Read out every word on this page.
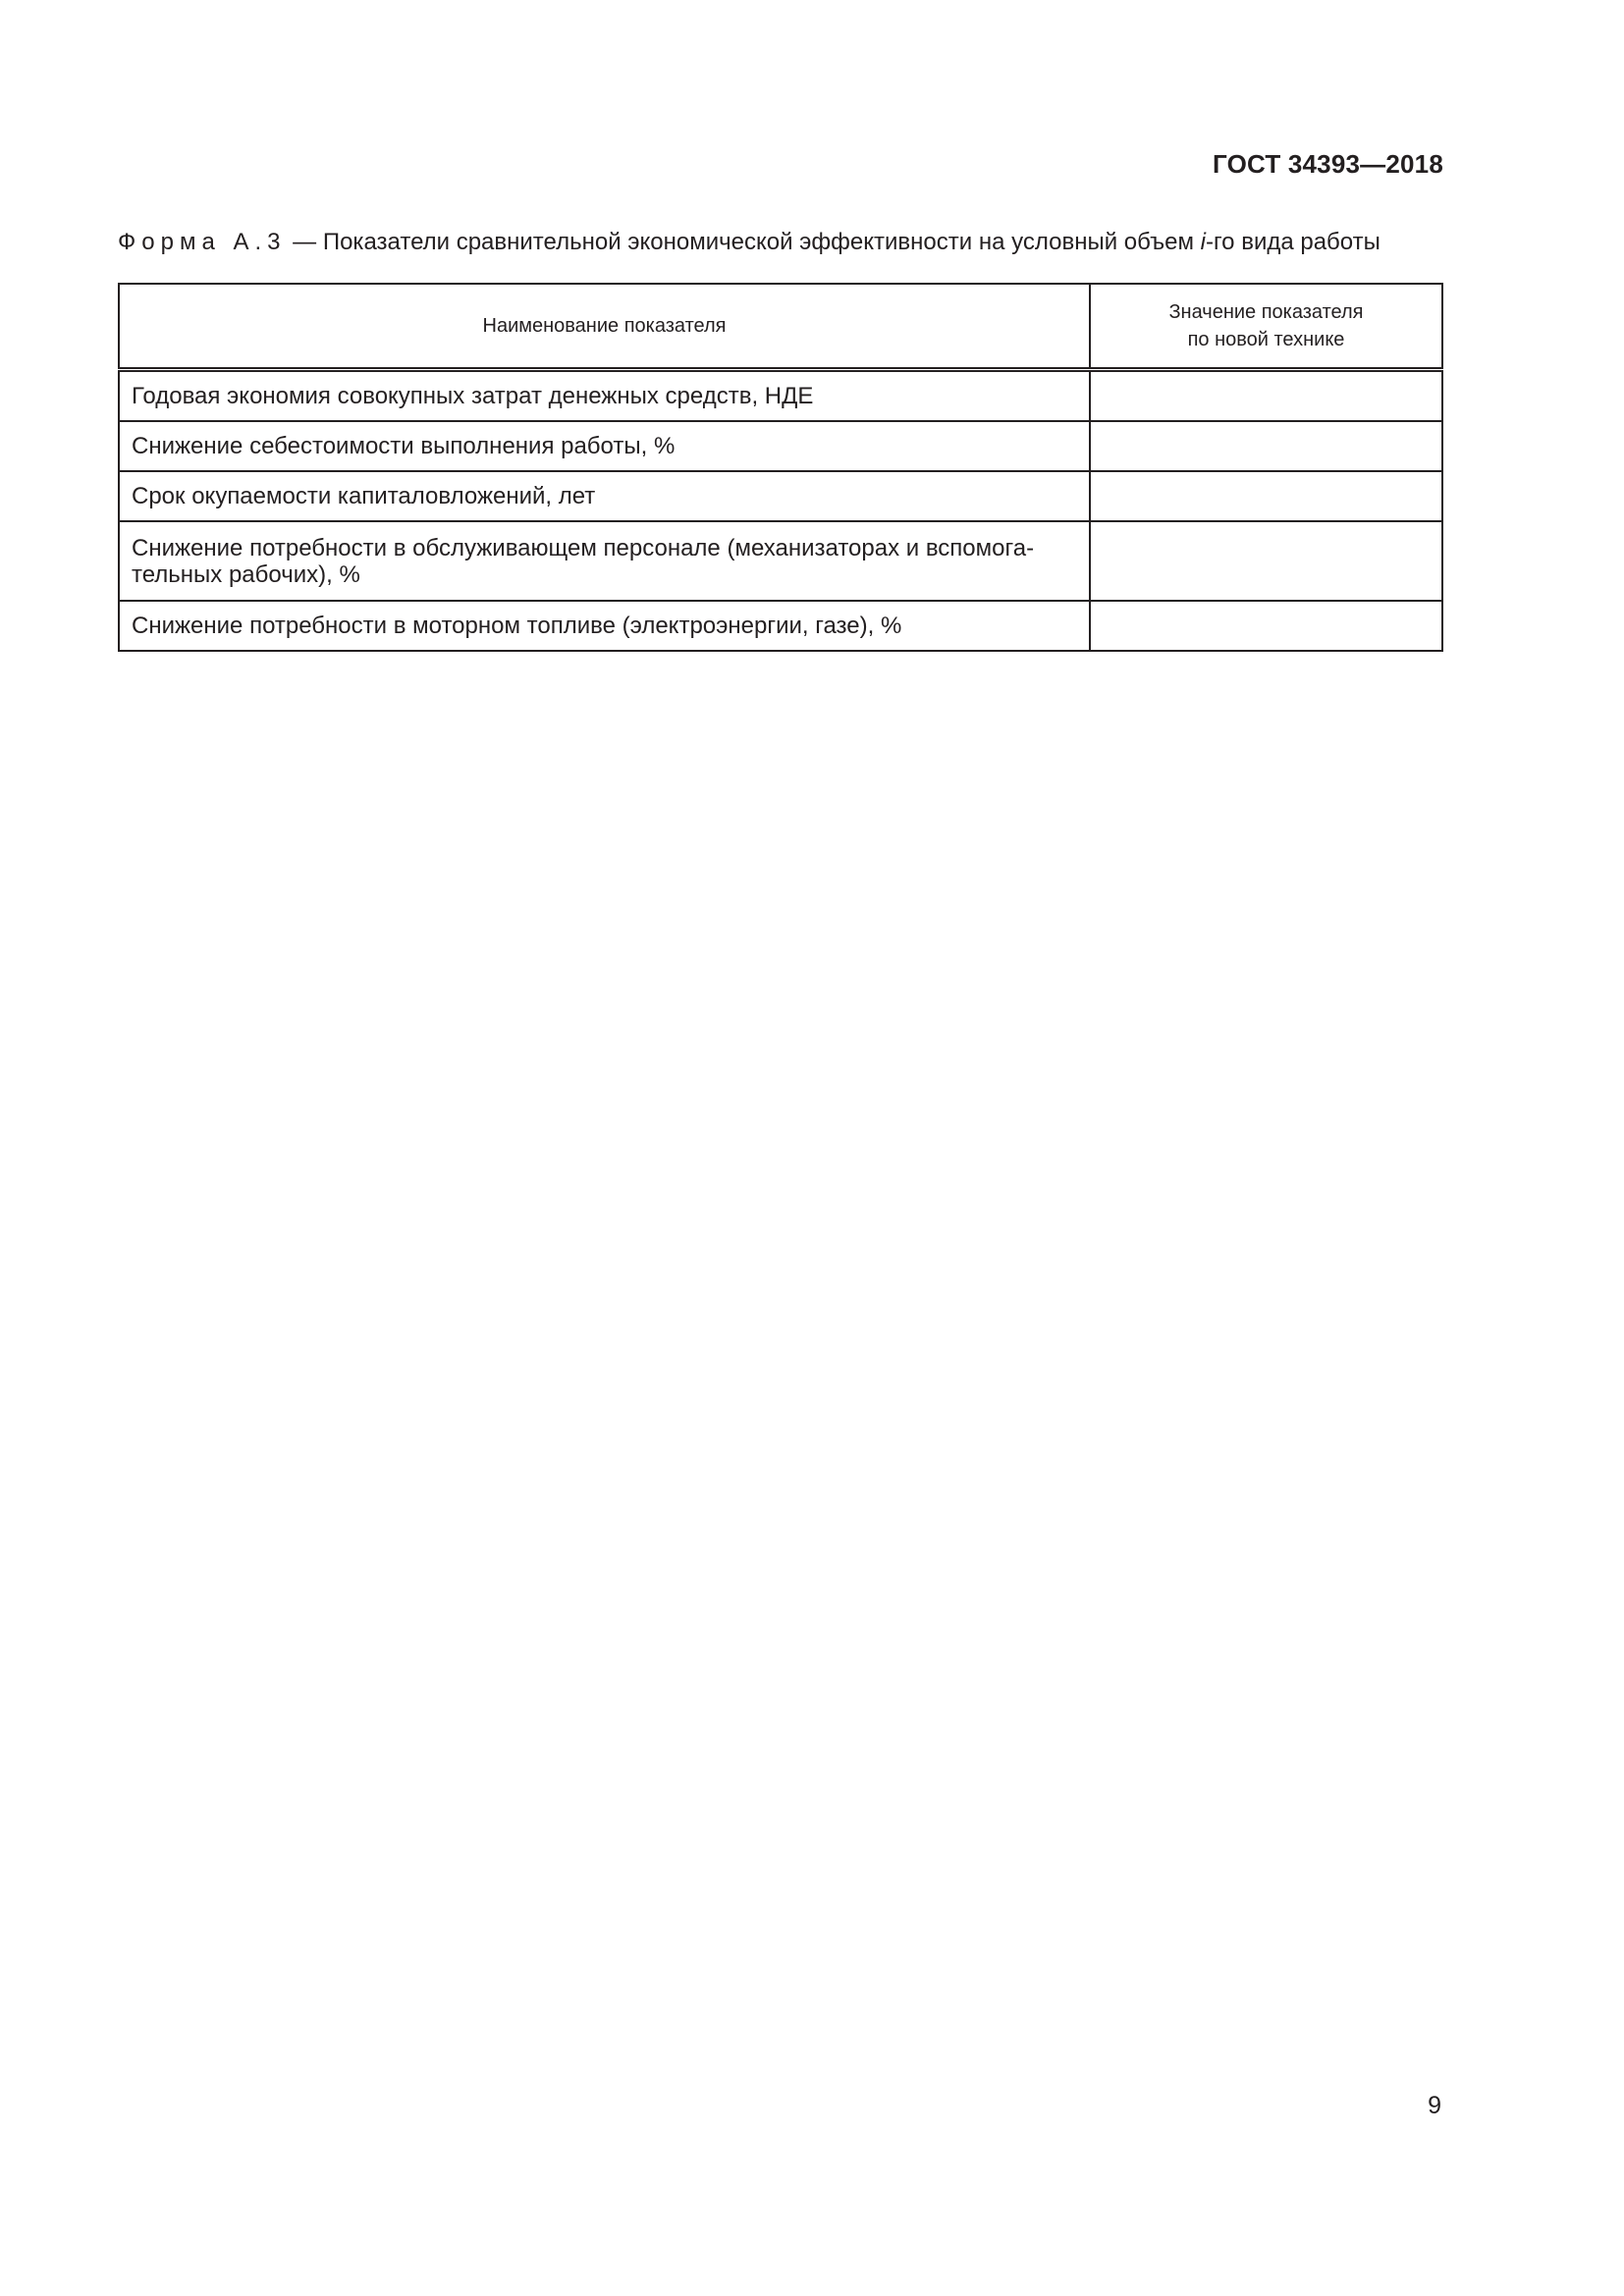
ГОСТ 34393—2018
Форма А.3 — Показатели сравнительной экономической эффективности на условный объем i-го вида работы
Наименование показателя	Значение показателя
по новой технике
Годовая экономия совокупных затрат денежных средств, НДЕ	
Снижение себестоимости выполнения работы, %	
Срок окупаемости капиталовложений, лет	
Снижение потребности в обслуживающем персонале (механизаторах и вспомога-тельных рабочих), %	
Снижение потребности в моторном топливе (электроэнергии, газе), %	
9
